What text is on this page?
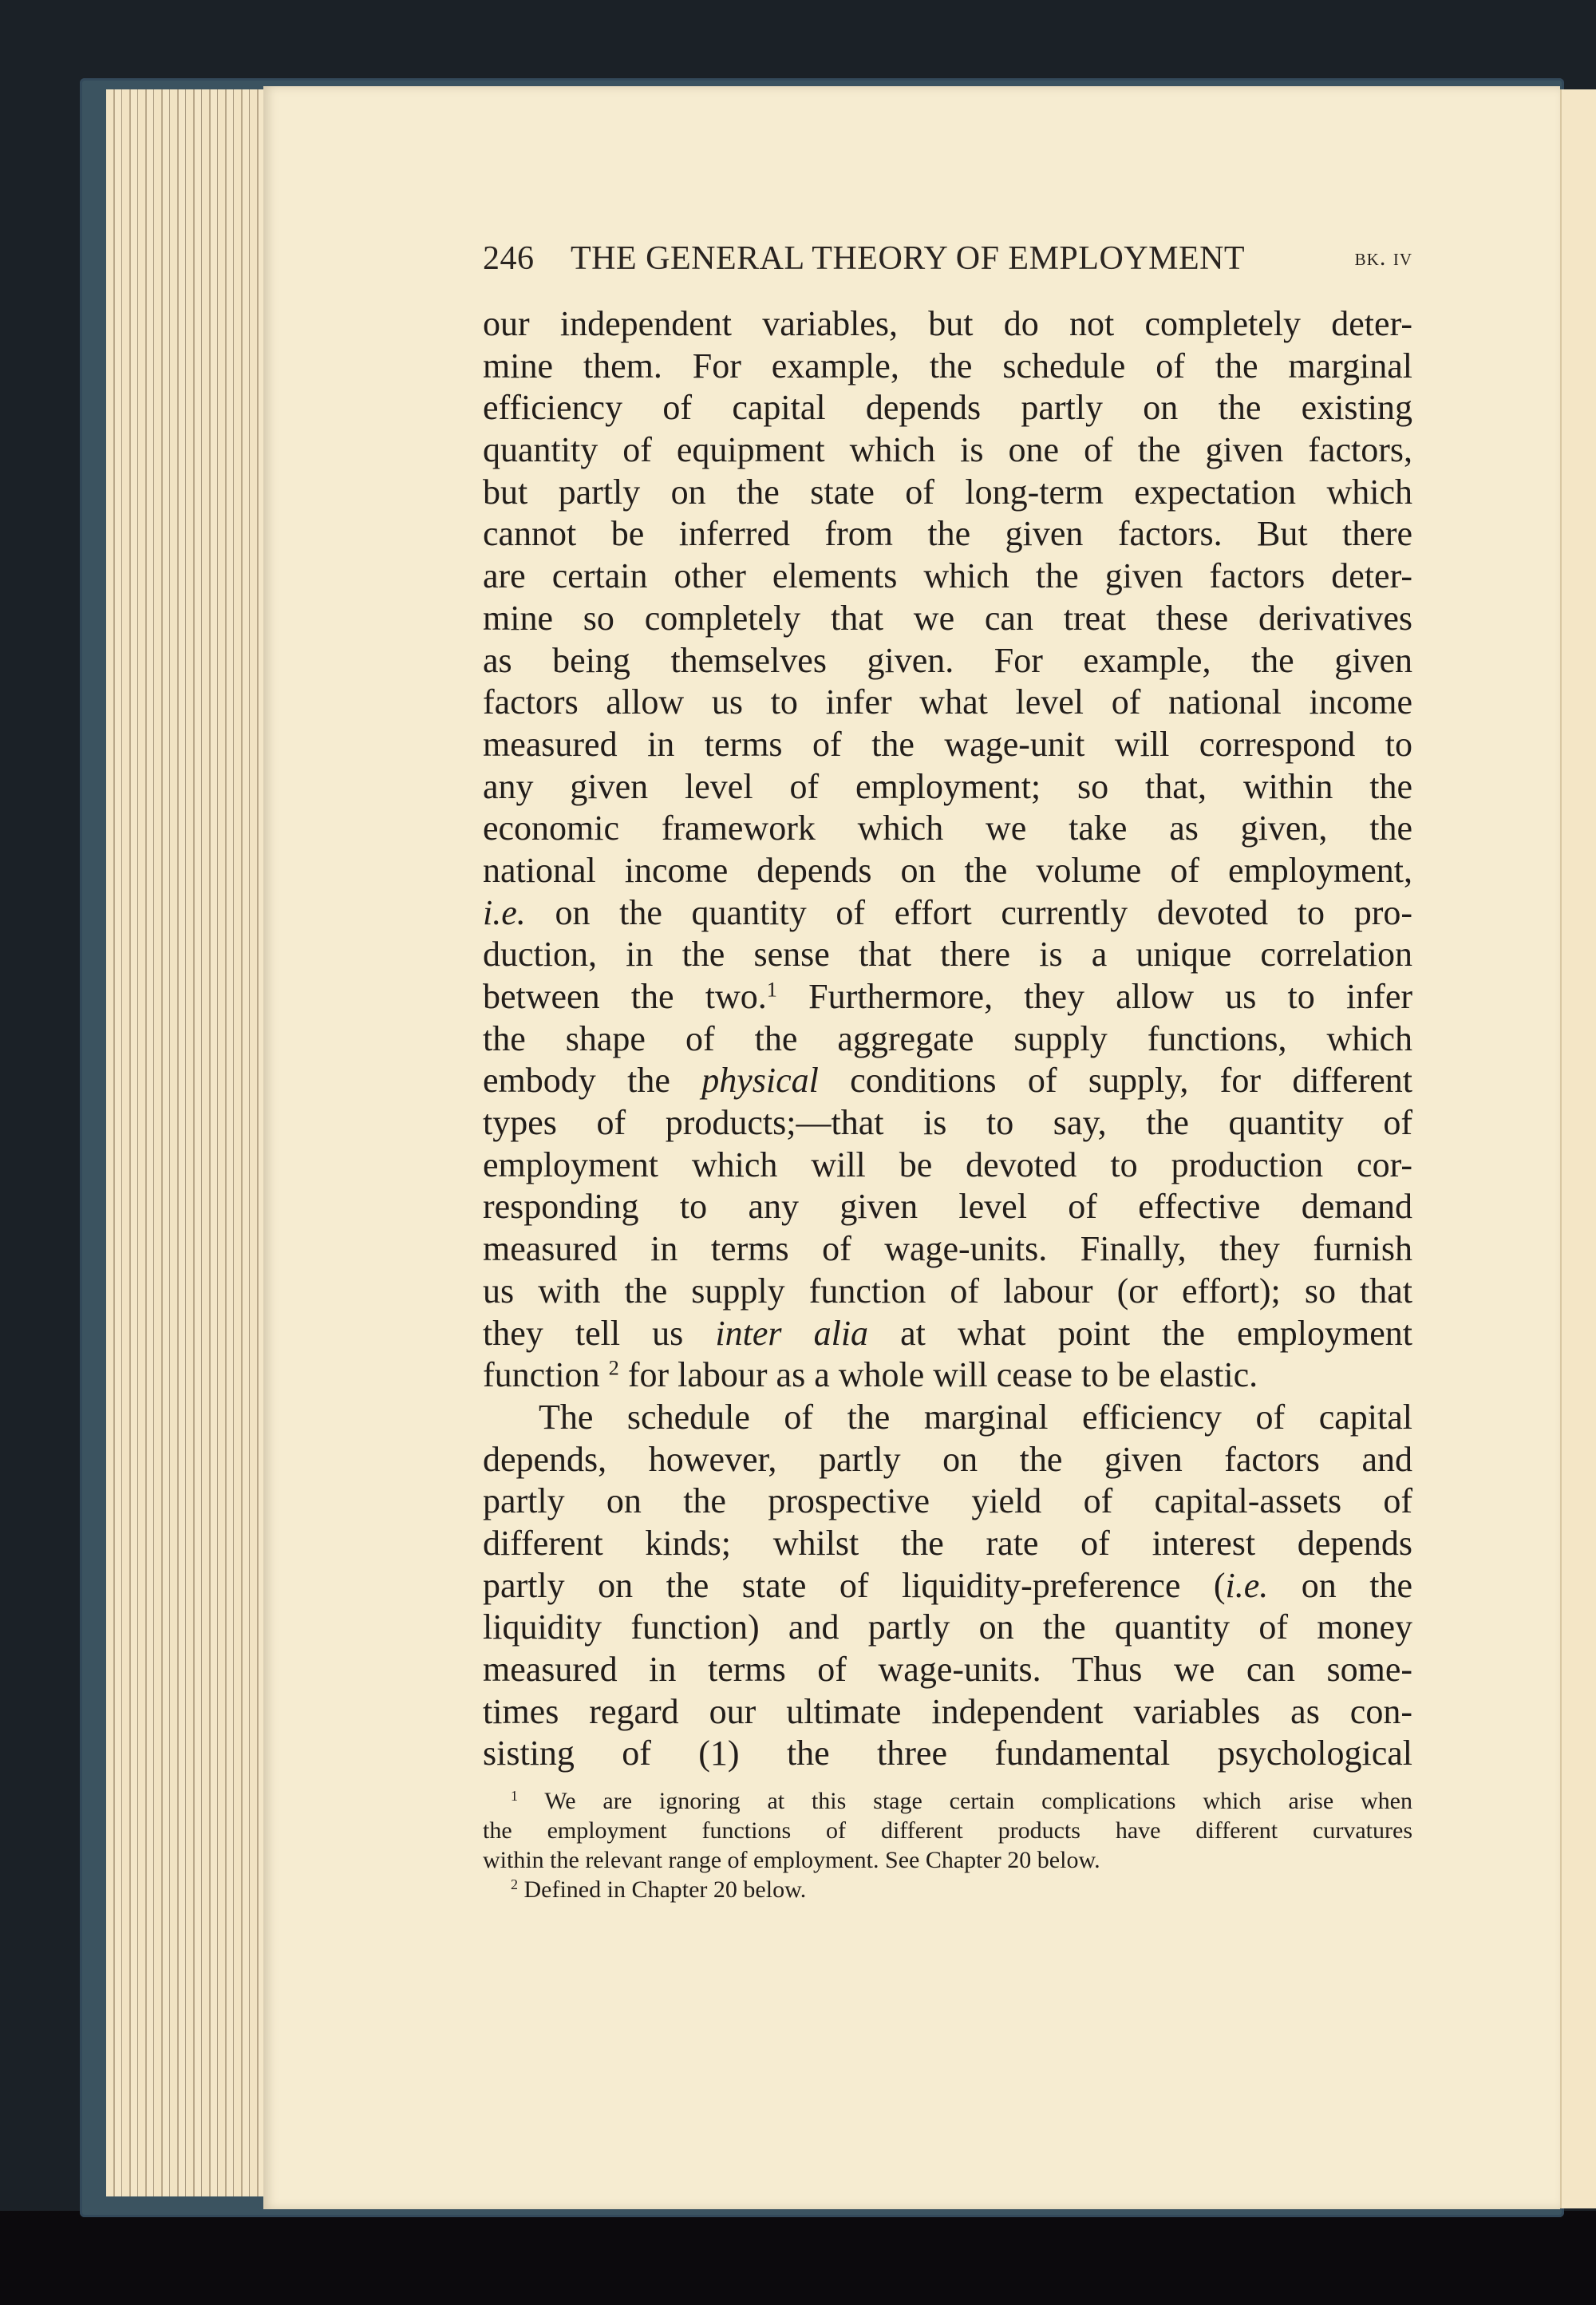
246 THE GENERAL THEORY OF EMPLOYMENT	bk. iv
our independent variables, but do not completely deter-
mine them. For example, the schedule of the marginal
efficiency of capital depends partly on the existing
quantity of equipment which is one of the given factors,
but partly on the state of long-term expectation which
cannot be inferred from the given factors. But there
are certain other elements which the given factors deter-
mine so completely that we can treat these derivatives
as being themselves given. For example, the given
factors allow us to infer what level of national income
measured in terms of the wage-unit will correspond to
any given level of employment; so that, within the
economic framework which we take as given, the
national income depends on the volume of employment,
i.e. on the quantity of effort currently devoted to pro-
duction, in the sense that there is a unique correlation
between the two.$^1$ Furthermore, they allow us to infer
the shape of the aggregate supply functions, which
embody the physical conditions of supply, for different
types of products;—that is to say, the quantity of
employment which will be devoted to production cor-
responding to any given level of effective demand
measured in terms of wage-units. Finally, they furnish
us with the supply function of labour (or effort); so that
they tell us inter alia at what point the employment
function $^2$ for labour as a whole will cease to be elastic.
The schedule of the marginal efficiency of capital
depends, however, partly on the given factors and
partly on the prospective yield of capital-assets of
different kinds; whilst the rate of interest depends
partly on the state of liquidity-preference (i.e. on the
liquidity function) and partly on the quantity of money
measured in terms of wage-units. Thus we can some-
times regard our ultimate independent variables as con-
sisting of (1) the three fundamental psychological
$^1$ We are ignoring at this stage certain complications which arise when
the employment functions of different products have different curvatures
within the relevant range of employment. See Chapter 20 below.
$^2$ Defined in Chapter 20 below.
